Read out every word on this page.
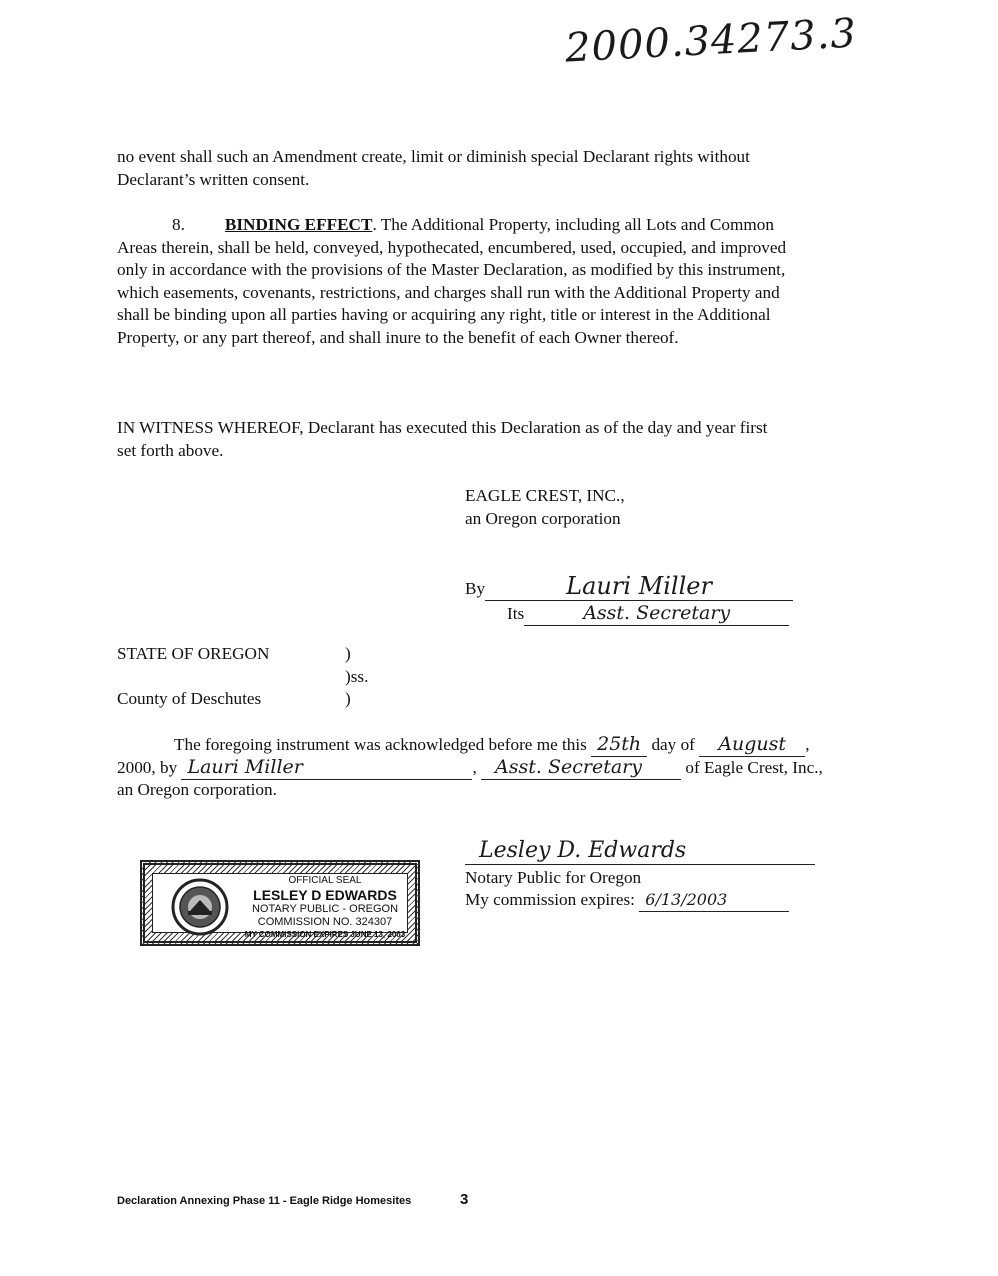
2000.34273.3
no event shall such an Amendment create, limit or diminish special Declarant rights without
Declarant’s written consent.
8. BINDING EFFECT. The Additional Property, including all Lots and Common
Areas therein, shall be held, conveyed, hypothecated, encumbered, used, occupied, and improved
only in accordance with the provisions of the Master Declaration, as modified by this instrument,
which easements, covenants, restrictions, and charges shall run with the Additional Property and
shall be binding upon all parties having or acquiring any right, title or interest in the Additional
Property, or any part thereof, and shall inure to the benefit of each Owner thereof.
IN WITNESS WHEREOF, Declarant has executed this Declaration as of the day and year first
set forth above.
EAGLE CREST, INC.,
an Oregon corporation
By	Lauri Miller
Its	Asst. Secretary
STATE OF OREGON	)
)ss.
County of Deschutes	)
The foregoing instrument was acknowledged before me this 25th day of August ,
2000, by Lauri Miller	, Asst. Secretary	of Eagle Crest, Inc.,
an Oregon corporation.
OFFICIAL SEAL
LESLEY D EDWARDS
NOTARY PUBLIC - OREGON
COMMISSION NO. 324307
MY COMMISSION EXPIRES JUNE 13, 2003
Lesley D. Edwards
Notary Public for Oregon
My commission expires: 6/13/2003
Declaration Annexing Phase 11 - Eagle Ridge Homesites	3
